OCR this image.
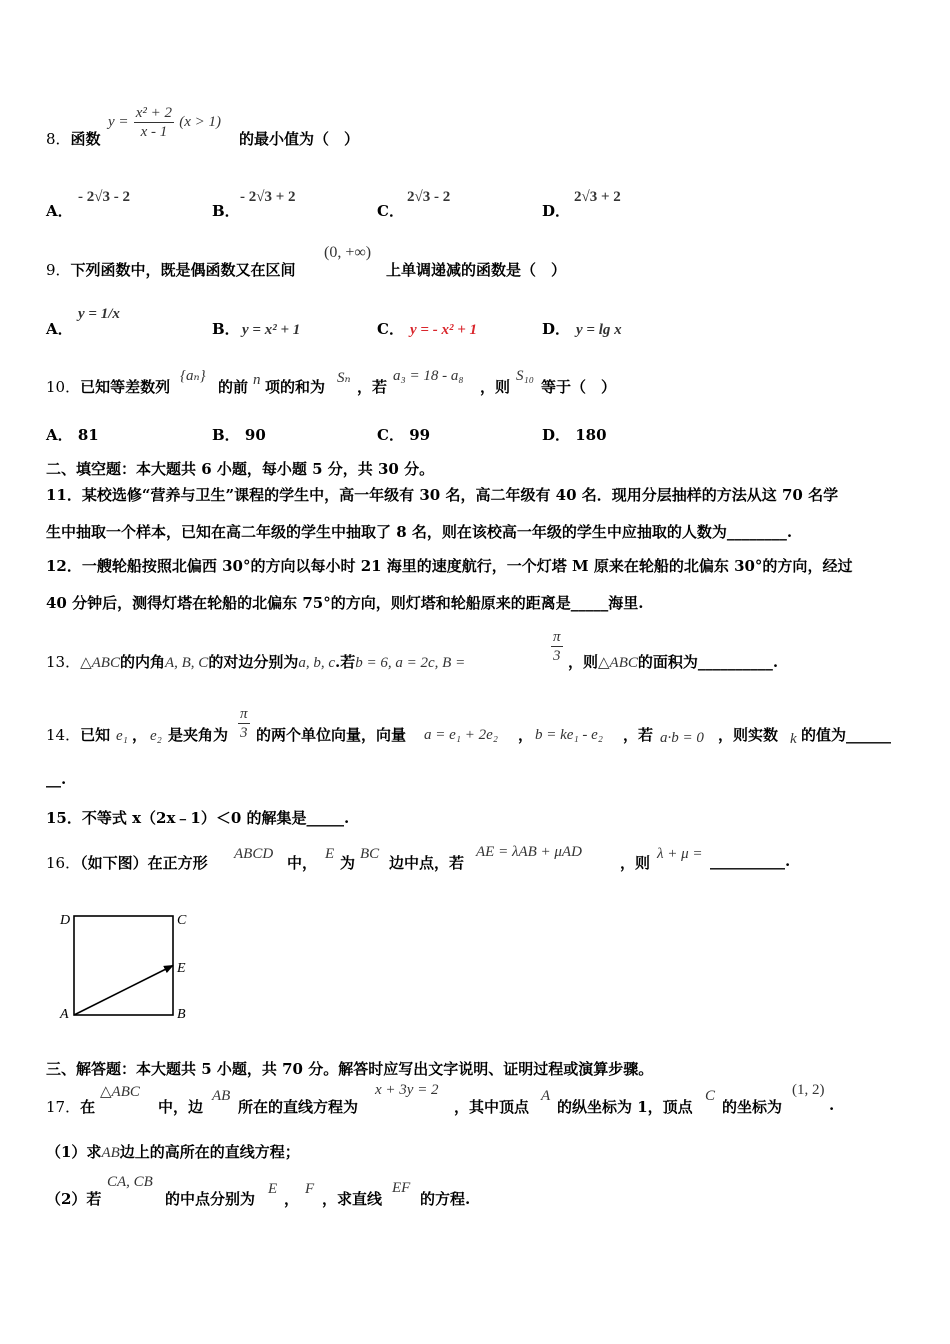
8．函数
$y = \frac{\text{x² + 2}}{x - 1} (x > 1)$
的最小值为（　）
A．
- 2√3 - 2
B．
- 2√3 + 2
C．
2√3 - 2
D．
2√3 + 2
9．下列函数中，既是偶函数又在区间
(0, +∞)
上单调递减的函数是（　）
A．
y = 1/x
B． y = x² + 1	C． y = - x² + 1	D． y = lg x
10．已知等差数列
{aₙ}
的前 n 项的和为 Sₙ ，若
a₃ = 18 - a₈
，则
S₁₀
等于（　）
A． 81	B． 90	C． 99	D． 180
二、填空题：本大题共 6 小题，每小题 5 分，共 30 分。
11．某校选修“营养与卫生”课程的学生中，高一年级有 30 名，高二年级有 40 名．现用分层抽样的方法从这 70 名学
生中抽取一个样本，已知在高二年级的学生中抽取了 8 名，则在该校高一年级的学生中应抽取的人数为________.
12．一艘轮船按照北偏西 30°的方向以每小时 21 海里的速度航行，一个灯塔 M 原来在轮船的北偏东 30°的方向，经过
40 分钟后，测得灯塔在轮船的北偏东 75°的方向，则灯塔和轮船原来的距离是_____海里.
13．△ABC的内角A, B, C的对边分别为a, b, c.若b = 6, a = 2c, B =	$\frac{\pi}{3}$ ，则△ABC的面积为__________.
14．已知 e₁ ， e₂ 是夹角为 $\frac{\pi}{3}$ 的两个单位向量，向量 a = e₁ + 2e₂ ， b = ke₁ - e₂ ，若 a·b = 0 ，则实数 k 的值为______
__.
15．不等式 x（2x﹣1）＜0 的解集是_____.
16．（如下图）在正方形 ABCD 中， E 为 BC 边中点，若
AE = λAB + μAD
，则 λ + μ = __________.
D	C
E
A	B
三、解答题：本大题共 5 小题，共 70 分。解答时应写出文字说明、证明过程或演算步骤。
17．在
△ABC
中，边
AB
所在的直线方程为
x + 3y = 2
，其中顶点
A
的纵坐标为 1，顶点
C
的坐标为
(1, 2)
.
（1）求AB边上的高所在的直线方程；
（2）若
CA, CB
的中点分别为
E
，
F
，求直线
EF
的方程.
